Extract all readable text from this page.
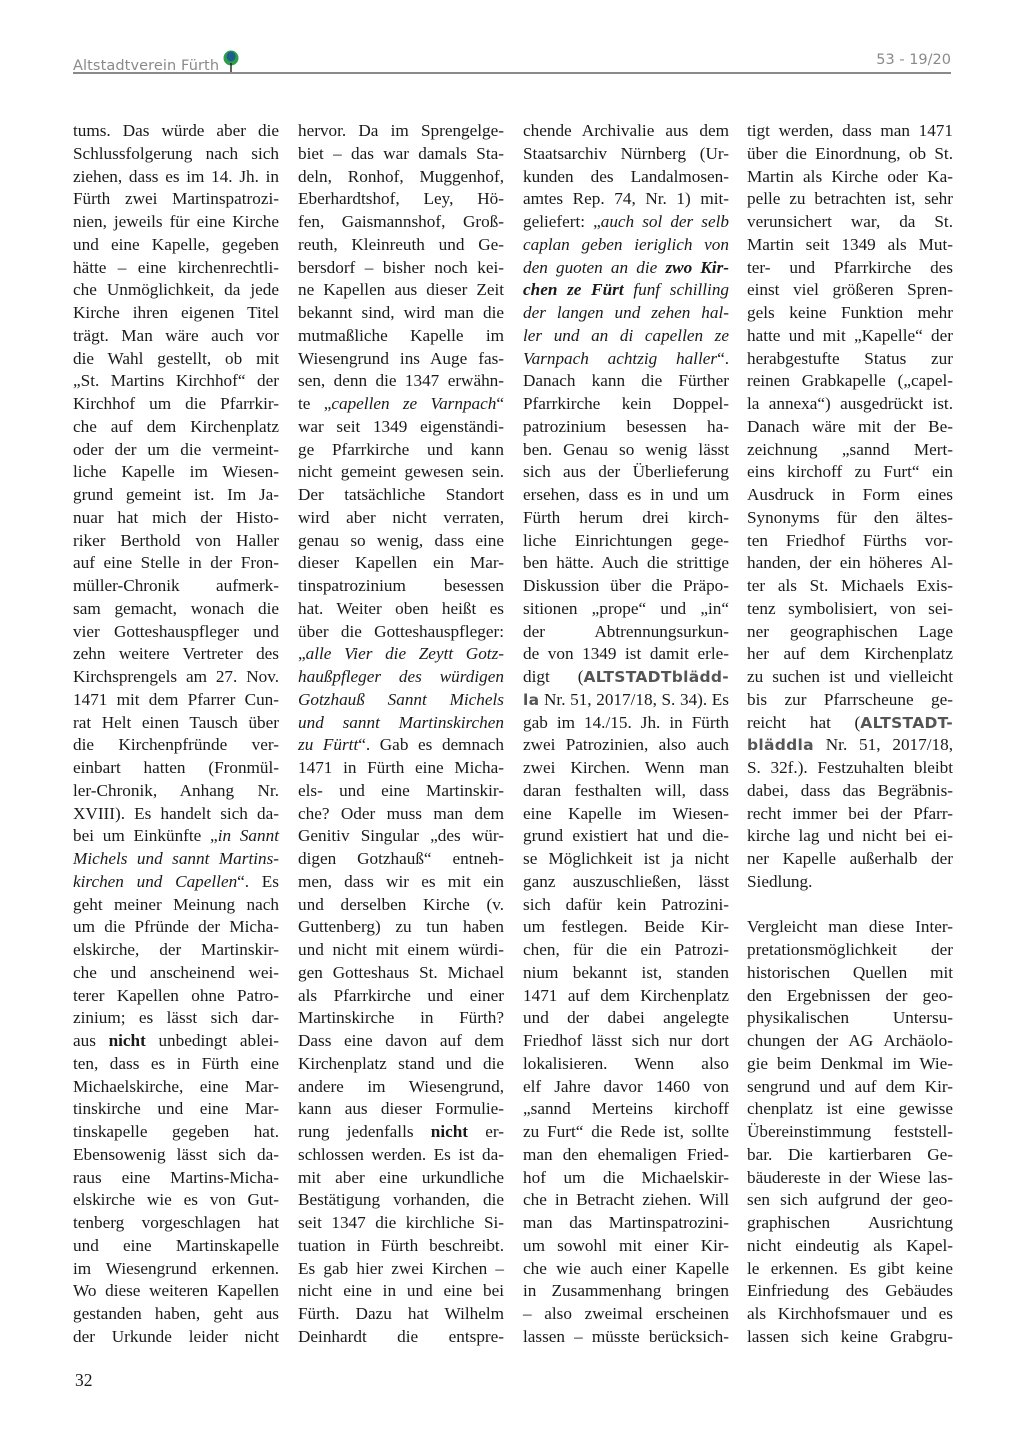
Altstadtverein Fürth	53 - 19/20
tums. Das würde aber die
Schlussfolgerung nach sich
ziehen, dass es im 14. Jh. in
Fürth zwei Martinspatrozi-
nien, jeweils für eine Kirche
und eine Kapelle, gegeben
hätte – eine kirchenrechtli-
che Unmöglichkeit, da jede
Kirche ihren eigenen Titel
trägt. Man wäre auch vor
die Wahl gestellt, ob mit
„St. Martins Kirchhof“ der
Kirchhof um die Pfarrkir-
che auf dem Kirchenplatz
oder der um die vermeint-
liche Kapelle im Wiesen-
grund gemeint ist. Im Ja-
nuar hat mich der Histo-
riker Berthold von Haller
auf eine Stelle in der Fron-
müller-Chronik aufmerk-
sam gemacht, wonach die
vier Gotteshauspfleger und
zehn weitere Vertreter des
Kirchsprengels am 27. Nov.
1471 mit dem Pfarrer Cun-
rat Helt einen Tausch über
die Kirchenpfründe ver-
einbart hatten (Fronmül-
ler-Chronik, Anhang Nr.
XVIII). Es handelt sich da-
bei um Einkünfte „in Sannt
Michels und sannt Martins-
kirchen und Capellen“. Es
geht meiner Meinung nach
um die Pfründe der Micha-
elskirche, der Martinskir-
che und anscheinend wei-
terer Kapellen ohne Patro-
zinium; es lässt sich dar-
aus nicht unbedingt ablei-
ten, dass es in Fürth eine
Michaelskirche, eine Mar-
tinskirche und eine Mar-
tinskapelle gegeben hat.
Ebensowenig lässt sich da-
raus eine Martins-Micha-
elskirche wie es von Gut-
tenberg vorgeschlagen hat
und eine Martinskapelle
im Wiesengrund erkennen.
Wo diese weiteren Kapellen
gestanden haben, geht aus
der Urkunde leider nicht
hervor. Da im Sprengelge-
biet – das war damals Sta-
deln, Ronhof, Muggenhof,
Eberhardtshof, Ley, Hö-
fen, Gaismannshof, Groß-
reuth, Kleinreuth und Ge-
bersdorf – bisher noch kei-
ne Kapellen aus dieser Zeit
bekannt sind, wird man die
mutmaßliche Kapelle im
Wiesengrund ins Auge fas-
sen, denn die 1347 erwähn-
te „capellen ze Varnpach“
war seit 1349 eigenständi-
ge Pfarrkirche und kann
nicht gemeint gewesen sein.
Der tatsächliche Standort
wird aber nicht verraten,
genau so wenig, dass eine
dieser Kapellen ein Mar-
tinspatrozinium besessen
hat. Weiter oben heißt es
über die Gotteshauspfleger:
„alle Vier die Zeytt Gotz-
haußpfleger des würdigen
Gotzhauß Sannt Michels
und sannt Martinskirchen
zu Fürtt“. Gab es demnach
1471 in Fürth eine Micha-
els- und eine Martinskir-
che? Oder muss man dem
Genitiv Singular „des wür-
digen Gotzhauß“ entneh-
men, dass wir es mit ein
und derselben Kirche (v.
Guttenberg) zu tun haben
und nicht mit einem würdi-
gen Gotteshaus St. Michael
als Pfarrkirche und einer
Martinskirche in Fürth?
Dass eine davon auf dem
Kirchenplatz stand und die
andere im Wiesengrund,
kann aus dieser Formulie-
rung jedenfalls nicht er-
schlossen werden. Es ist da-
mit aber eine urkundliche
Bestätigung vorhanden, die
seit 1347 die kirchliche Si-
tuation in Fürth beschreibt.
Es gab hier zwei Kirchen –
nicht eine in und eine bei
Fürth. Dazu hat Wilhelm
Deinhardt die entspre-
chende Archivalie aus dem
Staatsarchiv Nürnberg (Ur-
kunden des Landalmosen-
amtes Rep. 74, Nr. 1) mit-
geliefert: „auch sol der selb
caplan geben ieriglich von
den guoten an die zwo Kir-
chen ze Fürt funf schilling
der langen und zehen hal-
ler und an di capellen ze
Varnpach achtzig haller“.
Danach kann die Fürther
Pfarrkirche kein Doppel-
patrozinium besessen ha-
ben. Genau so wenig lässt
sich aus der Überlieferung
ersehen, dass es in und um
Fürth herum drei kirch-
liche Einrichtungen gege-
ben hätte. Auch die strittige
Diskussion über die Präpo-
sitionen „prope“ und „in“
der Abtrennungsurkun-
de von 1349 ist damit erle-
digt (ALTSTADTblädd-
la Nr. 51, 2017/18, S. 34). Es
gab im 14./15. Jh. in Fürth
zwei Patrozinien, also auch
zwei Kirchen. Wenn man
daran festhalten will, dass
eine Kapelle im Wiesen-
grund existiert hat und die-
se Möglichkeit ist ja nicht
ganz auszuschließen, lässt
sich dafür kein Patrozini-
um festlegen. Beide Kir-
chen, für die ein Patrozi-
nium bekannt ist, standen
1471 auf dem Kirchenplatz
und der dabei angelegte
Friedhof lässt sich nur dort
lokalisieren. Wenn also
elf Jahre davor 1460 von
„sannd Merteins kirchoff
zu Furt“ die Rede ist, sollte
man den ehemaligen Fried-
hof um die Michaelskir-
che in Betracht ziehen. Will
man das Martinspatrozini-
um sowohl mit einer Kir-
che wie auch einer Kapelle
in Zusammenhang bringen
– also zweimal erscheinen
lassen – müsste berücksich-
tigt werden, dass man 1471
über die Einordnung, ob St.
Martin als Kirche oder Ka-
pelle zu betrachten ist, sehr
verunsichert war, da St.
Martin seit 1349 als Mut-
ter- und Pfarrkirche des
einst viel größeren Spren-
gels keine Funktion mehr
hatte und mit „Kapelle“ der
herabgestufte Status zur
reinen Grabkapelle („capel-
la annexa“) ausgedrückt ist.
Danach wäre mit der Be-
zeichnung „sannd Mert-
eins kirchoff zu Furt“ ein
Ausdruck in Form eines
Synonyms für den ältes-
ten Friedhof Fürths vor-
handen, der ein höheres Al-
ter als St. Michaels Exis-
tenz symbolisiert, von sei-
ner geographischen Lage
her auf dem Kirchenplatz
zu suchen ist und vielleicht
bis zur Pfarrscheune ge-
reicht hat (ALTSTADT-
bläddla Nr. 51, 2017/18,
S. 32f.). Festzuhalten bleibt
dabei, dass das Begräbnis-
recht immer bei der Pfarr-
kirche lag und nicht bei ei-
ner Kapelle außerhalb der
Siedlung.
Vergleicht man diese Inter-
pretationsmöglichkeit der
historischen Quellen mit
den Ergebnissen der geo-
physikalischen Untersu-
chungen der AG Archäolo-
gie beim Denkmal im Wie-
sengrund und auf dem Kir-
chenplatz ist eine gewisse
Übereinstimmung feststell-
bar. Die kartierbaren Ge-
bäudereste in der Wiese las-
sen sich aufgrund der geo-
graphischen Ausrichtung
nicht eindeutig als Kapel-
le erkennen. Es gibt keine
Einfriedung des Gebäudes
als Kirchhofsmauer und es
lassen sich keine Grabgru-
32
